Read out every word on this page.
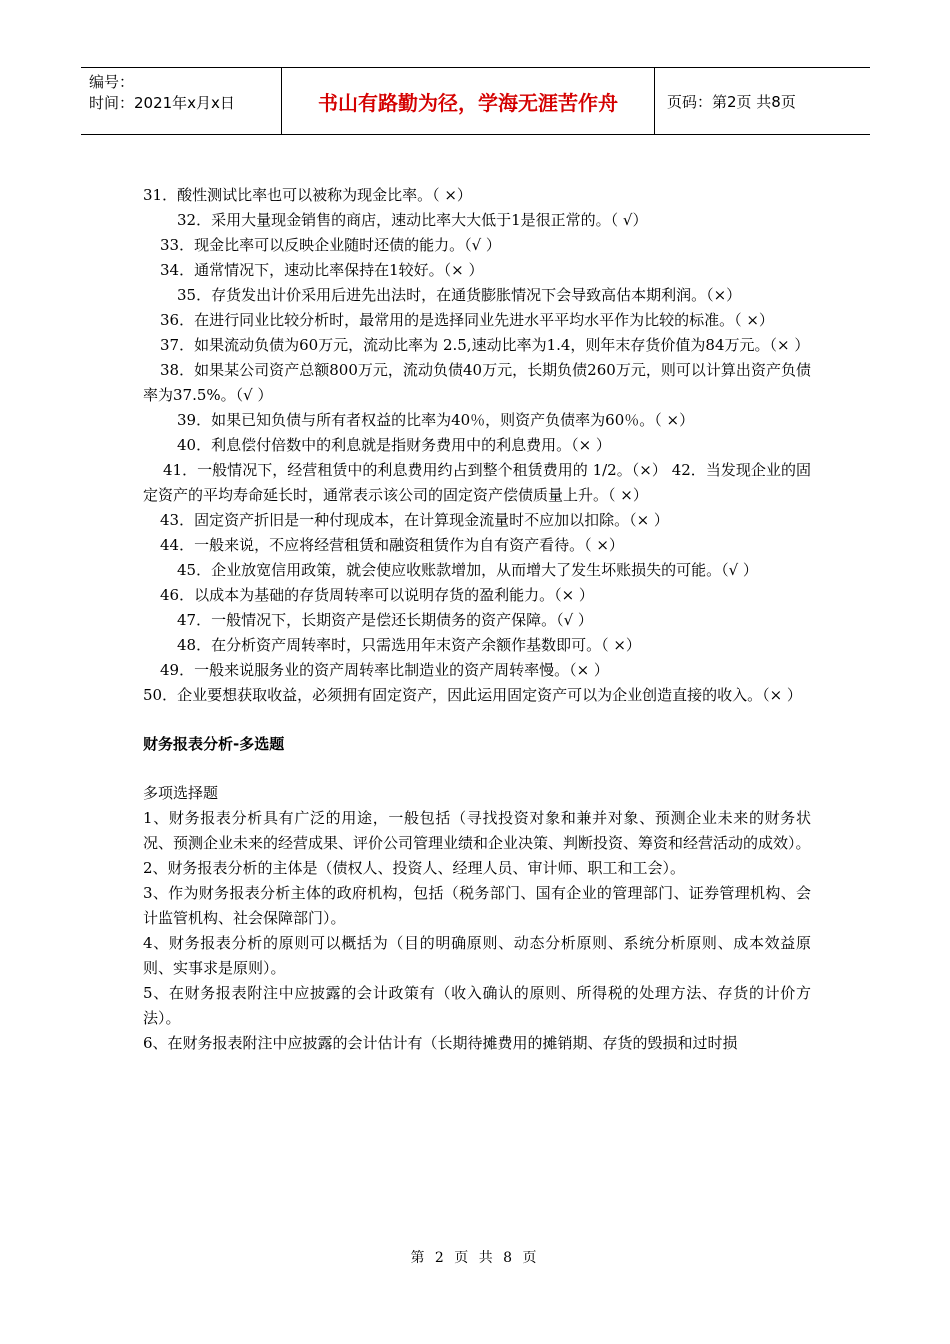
编号：
时间：2021年x月x日	书山有路勤为径，学海无涯苦作舟	页码：第2页 共8页

31．酸性测试比率也可以被称为现金比率。（ ×）

32．采用大量现金销售的商店，速动比率大大低于1是很正常的。（ √）

33．现金比率可以反映企业随时还债的能力。（√ ）

34．通常情况下，速动比率保持在1较好。（× ）

35．存货发出计价采用后进先出法时，在通货膨胀情况下会导致高估本期利润。（×）

36．在进行同业比较分析时，最常用的是选择同业先进水平平均水平作为比较的标准。（ ×）

37．如果流动负债为60万元，流动比率为 2.5,速动比率为1.4，则年末存货价值为84万元。（× ）

38．如果某公司资产总额800万元，流动负债40万元，长期负债260万元，则可以计算出资产负债率为37.5%。（√ ）

39．如果已知负债与所有者权益的比率为40％，则资产负债率为60％。（ ×）

40．利息偿付倍数中的利息就是指财务费用中的利息费用。（× ）

41．一般情况下，经营租赁中的利息费用约占到整个租赁费用的 1/2。（×） 42．当发现企业的固定资产的平均寿命延长时，通常表示该公司的固定资产偿债质量上升。（ ×）

43．固定资产折旧是一种付现成本，在计算现金流量时不应加以扣除。（× ）

44．一般来说，不应将经营租赁和融资租赁作为自有资产看待。（ ×）

45．企业放宽信用政策，就会使应收账款增加，从而增大了发生坏账损失的可能。（√ ）

46．以成本为基础的存货周转率可以说明存货的盈利能力。（× ）

47．一般情况下，长期资产是偿还长期债务的资产保障。（√ ）

48．在分析资产周转率时，只需选用年末资产余额作基数即可。（ ×）

49．一般来说服务业的资产周转率比制造业的资产周转率慢。（× ）

50．企业要想获取收益，必须拥有固定资产，因此运用固定资产可以为企业创造直接的收入。（× ）

财务报表分析-多选题

多项选择题

1、财务报表分析具有广泛的用途，一般包括（寻找投资对象和兼并对象、预测企业未来的财务状况、预测企业未来的经营成果、评价公司管理业绩和企业决策、判断投资、筹资和经营活动的成效）。

2、财务报表分析的主体是（债权人、投资人、经理人员、审计师、职工和工会）。

3、作为财务报表分析主体的政府机构，包括（税务部门、国有企业的管理部门、证券管理机构、会计监管机构、社会保障部门）。

4、财务报表分析的原则可以概括为（目的明确原则、动态分析原则、系统分析原则、成本效益原则、实事求是原则）。

5、在财务报表附注中应披露的会计政策有（收入确认的原则、所得税的处理方法、存货的计价方法）。

6、在财务报表附注中应披露的会计估计有（长期待摊费用的摊销期、存货的毁损和过时损

第 2 页 共 8 页
